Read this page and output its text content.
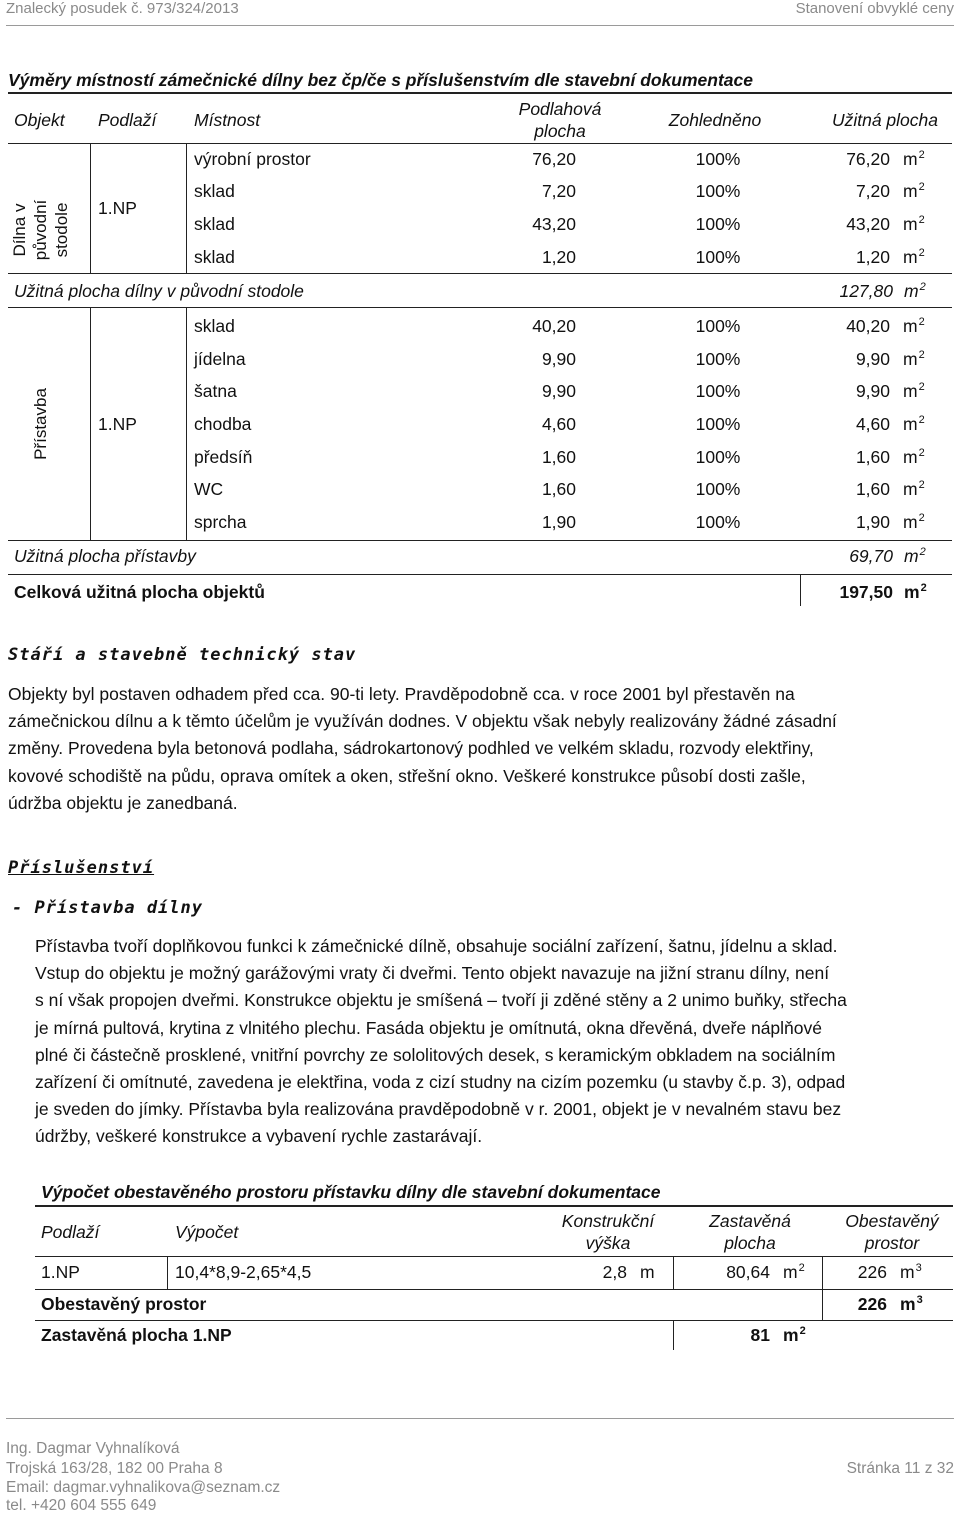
Znalecký posudek č. 973/324/2013	Stanovení obvyklé ceny
Výměry místností zámečnické dílny bez čp/če s příslušenstvím dle stavební dokumentace
Objekt Podlaží Místnost
Podlahová
plocha
Zohledněno	Užitná plocha
Dílna v původní stodole 1.NP
výrobní prostor	76,20	100%	76,20 $m^2$
sklad	7,20	100%	7,20 $m^2$
sklad	43,20	100%	43,20 $m^2$
sklad	1,20	100%	1,20 $m^2$
Užitná plocha dílny v původní stodole	127,80 $m^2$
Přístavba	1.NP
sklad	40,20	100%	40,20 $m^2$
jídelna	9,90	100%	9,90 $m^2$
šatna	9,90	100%	9,90 $m^2$
chodba	4,60	100%	4,60 $m^2$
předsíň	1,60	100%	1,60 $m^2$
WC	1,60	100%	1,60 $m^2$
sprcha	1,90	100%	1,90 $m^2$
Užitná plocha přístavby	69,70 $m^2$
Celková užitná plocha objektů	197,50 $m^2$
Stáří a stavebně technický stav
Objekty byl postaven odhadem před cca. 90-ti lety. Pravděpodobně cca. v roce 2001 byl přestavěn na
zámečnickou dílnu a k těmto účelům je využíván dodnes. V objektu však nebyly realizovány žádné zásadní
změny. Provedena byla betonová podlaha, sádrokartonový podhled ve velkém skladu, rozvody elektřiny,
kovové schodiště na půdu, oprava omítek a oken, střešní okno. Veškeré konstrukce působí dosti zašle,
údržba objektu je zanedbaná.
Příslušenství
- Přístavba dílny
Přístavba tvoří doplňkovou funkci k zámečnické dílně, obsahuje sociální zařízení, šatnu, jídelnu a sklad.
Vstup do objektu je možný garážovými vraty či dveřmi. Tento objekt navazuje na jižní stranu dílny, není
s ní však propojen dveřmi. Konstrukce objektu je smíšená – tvoří ji zděné stěny a 2 unimo buňky, střecha
je mírná pultová, krytina z vlnitého plechu. Fasáda objektu je omítnutá, okna dřevěná, dveře náplňové
plné či částečně prosklené, vnitřní povrchy ze sololitových desek, s keramickým obkladem na sociálním
zařízení či omítnuté, zavedena je elektřina, voda z cizí studny na cizím pozemku (u stavby č.p. 3), odpad
je sveden do jímky. Přístavba byla realizována pravděpodobně v r. 2001, objekt je v nevalném stavu bez
údržby, veškeré konstrukce a vybavení rychle zastarávají.
Výpočet obestavěného prostoru přístavku dílny dle stavební dokumentace
Podlaží	Výpočet
Konstrukční
výška
Zastavěná
plocha
Obestavěný
prostor
1.NP	10,4*8,9-2,65*4,5	2,8 m	80,64 $m^2$	226 $m^3$
Obestavěný prostor	226 $m^3$
Zastavěná plocha 1.NP	81 $m^2$
Ing. Dagmar Vyhnalíková
Trojská 163/28, 182 00 Praha 8
Email: dagmar.vyhnalikova@seznam.cz
tel. +420 604 555 649
Stránka 11 z 32
